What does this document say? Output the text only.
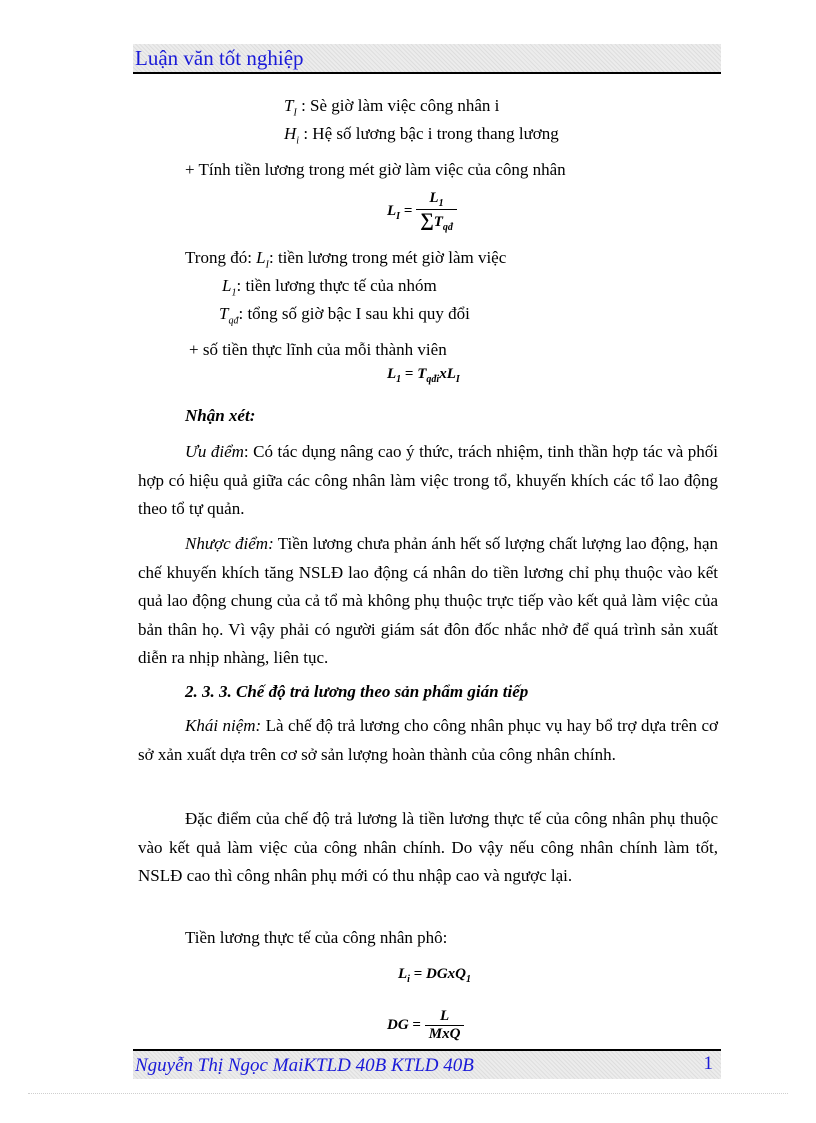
Luận văn tốt nghiệp
$T_I$ : Sè giờ làm việc công nhân i
$H_i$ : Hệ số lương bậc i trong thang lương
+ Tính tiền lương trong mét giờ làm việc của công nhân
$L_I = \frac{L_1}{\sum T_{qđ}}$
Trong đó: $L_I$: tiền lương trong mét giờ làm việc
$L_1$: tiền lương thực tế của nhóm
$T_{qđ}$: tổng số giờ bậc I sau khi quy đổi
+ số tiền thực lĩnh của mỗi thành viên
$L_1 = T_{qđi}xL_I$
Nhận xét:
Ưu điểm: Có tác dụng nâng cao ý thức, trách nhiệm, tinh thần hợp tác và phối hợp có hiệu quả giữa các công nhân làm việc trong tổ, khuyến khích các tổ lao động theo tổ tự quản.
Nhược điểm: Tiền lương chưa phản ánh hết số lượng chất lượng lao động, hạn chế khuyến khích tăng NSLĐ lao động cá nhân do tiền lương chỉ phụ thuộc vào kết quả lao động chung của cả tổ mà không phụ thuộc trực tiếp vào kết quả làm việc của bản thân họ. Vì vậy phải có người giám sát đôn đốc nhắc nhở để quá trình sản xuất diễn ra nhịp nhàng, liên tục.
2. 3. 3. Chế độ trả lương theo sản phẩm gián tiếp
Khái niệm: Là chế độ trả lương cho công nhân phục vụ hay bổ trợ dựa trên cơ sở xản xuất dựa trên cơ sở sản lượng hoàn thành của công nhân chính.
Đặc điểm của chế độ trả lương là tiền lương thực tế của công nhân phụ thuộc vào kết quả làm việc của công nhân chính. Do vậy nếu công nhân chính làm tốt, NSLĐ cao thì công nhân phụ mới có thu nhập cao và ngược lại.
Tiền lương thực tế của công nhân phô:
$L_i$ = DGxQ$_1$
DG = $\frac{L}{\text{MxQ}}$
Nguyễn Thị Ngọc MaiKTLD 40B KTLD 40B	1
